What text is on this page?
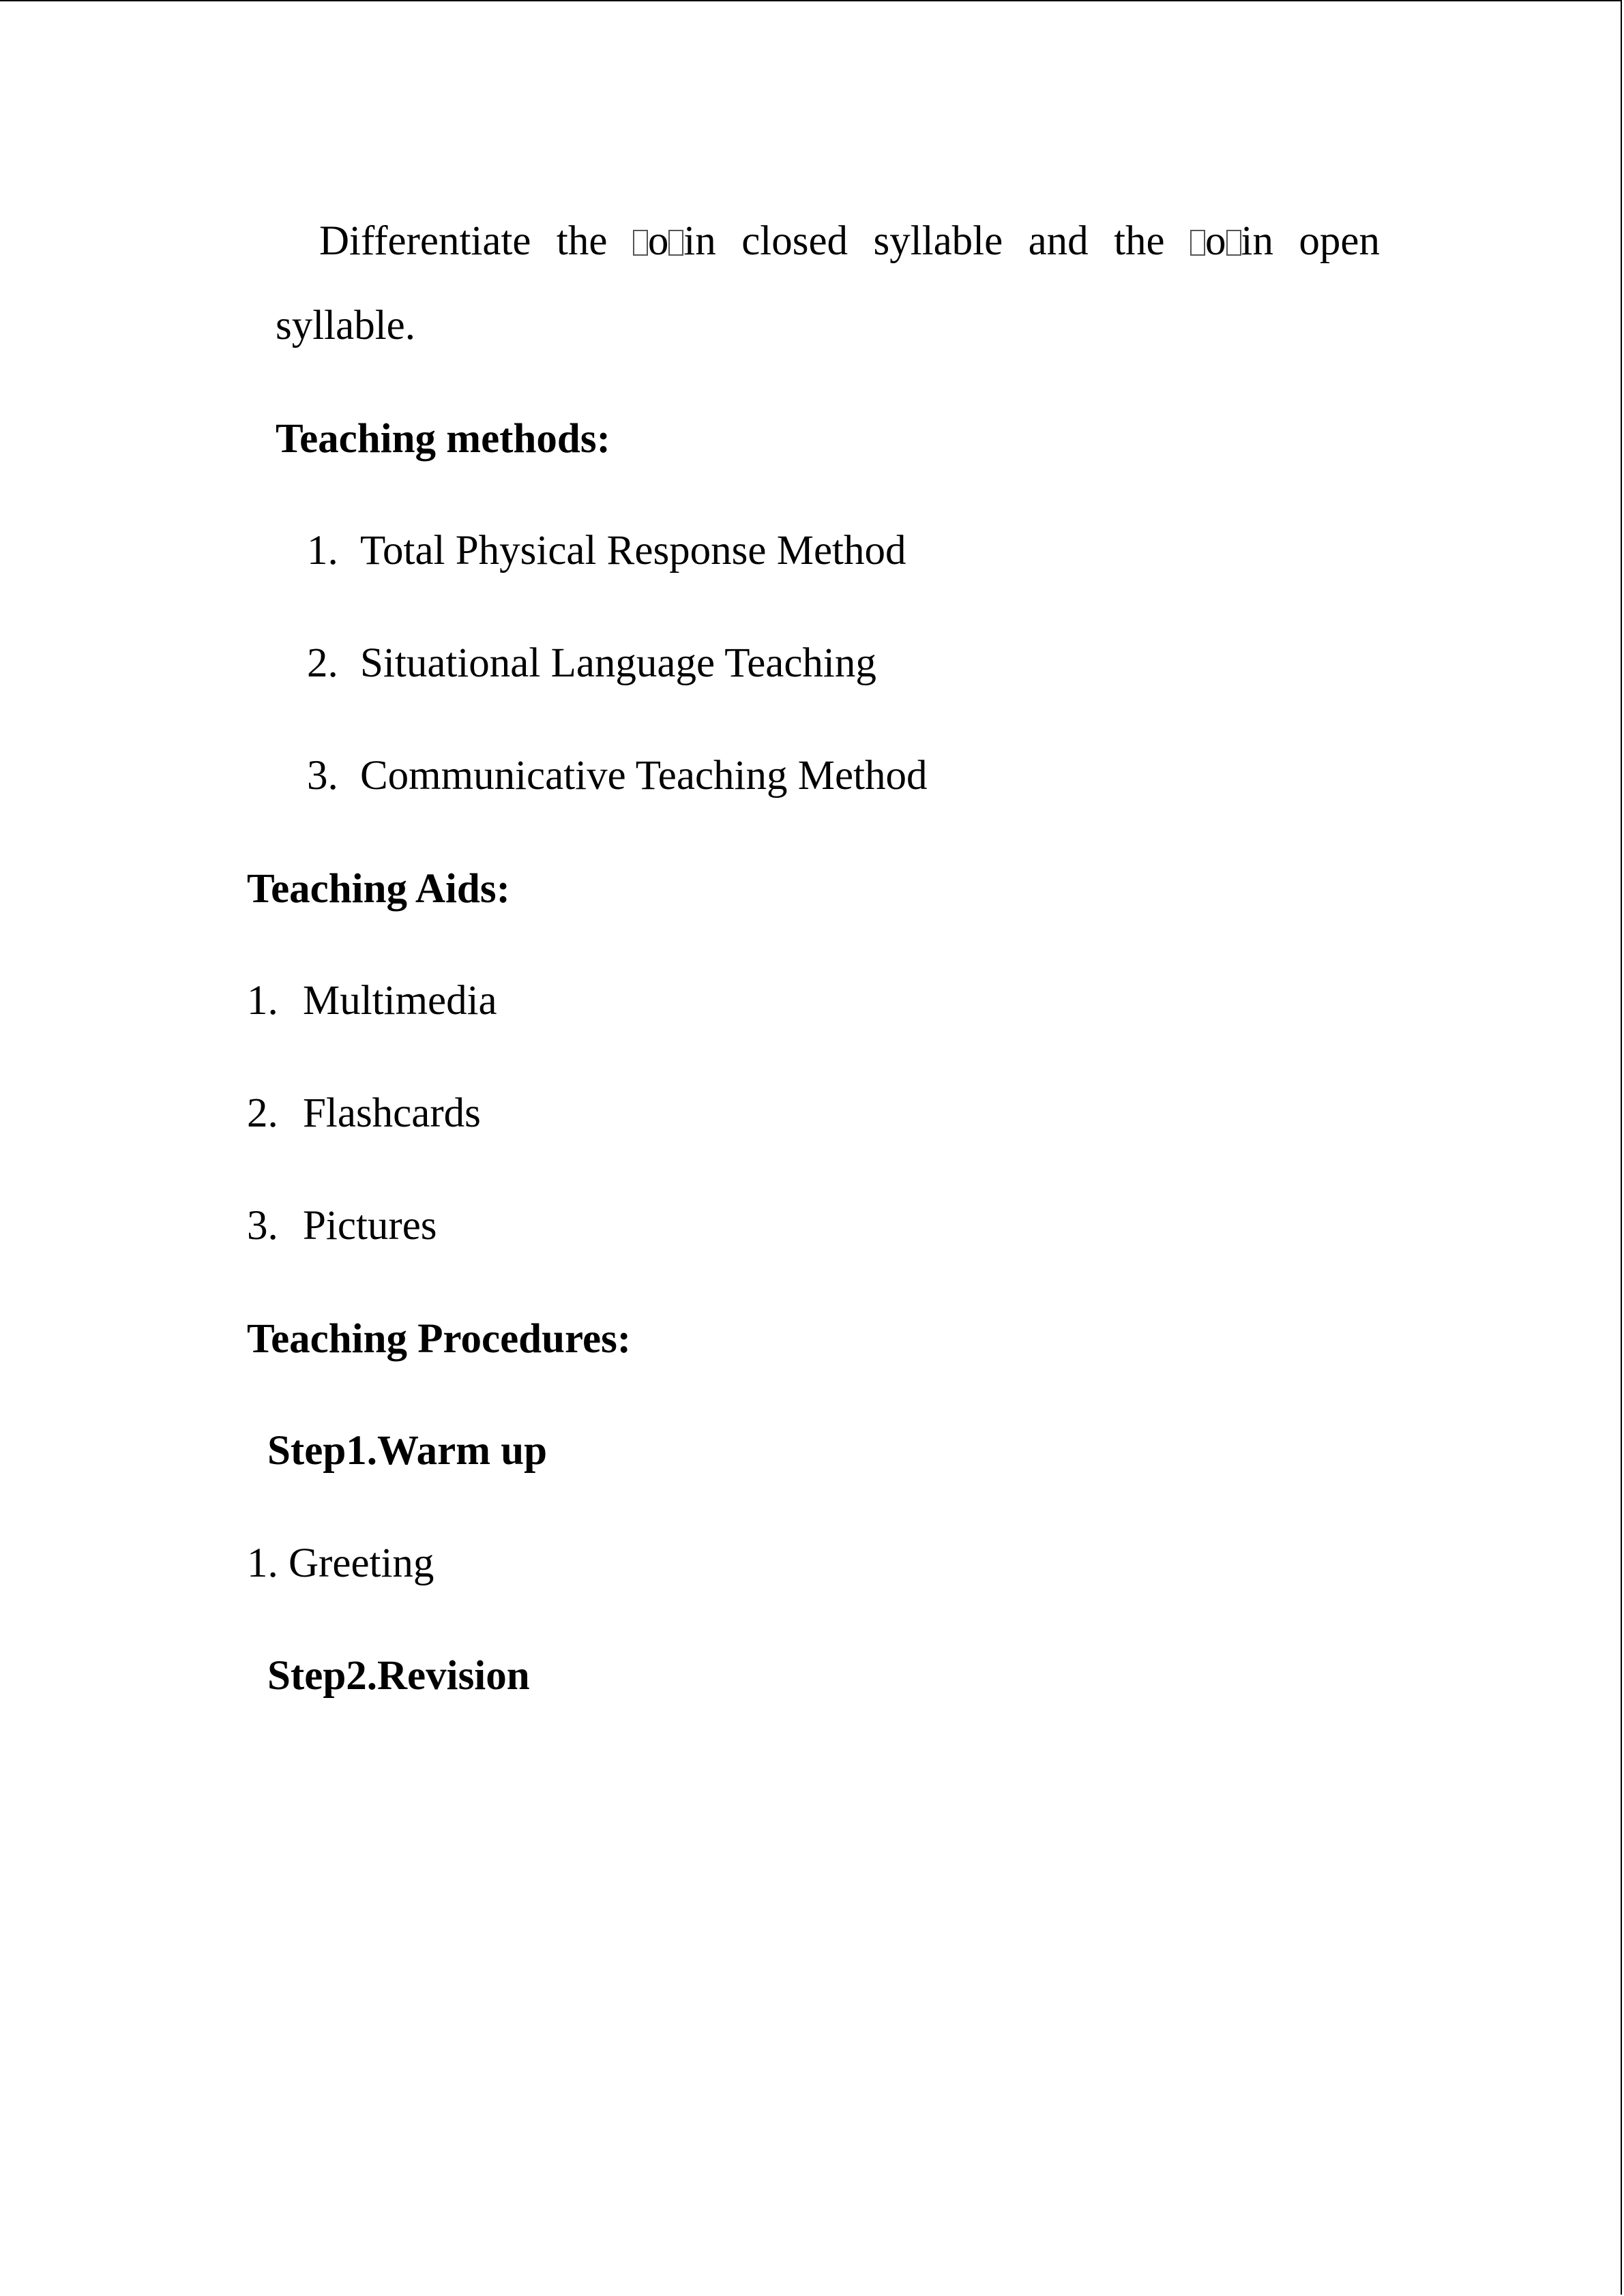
Differentiate the o in closed syllable and the o in open
syllable.
Teaching methods:
1. Total Physical Response Method
2. Situational Language Teaching
3. Communicative Teaching Method
Teaching Aids:
1. Multimedia
2. Flashcards
3. Pictures
Teaching Procedures:
Step1.Warm up
1. Greeting
Step2.Revision
